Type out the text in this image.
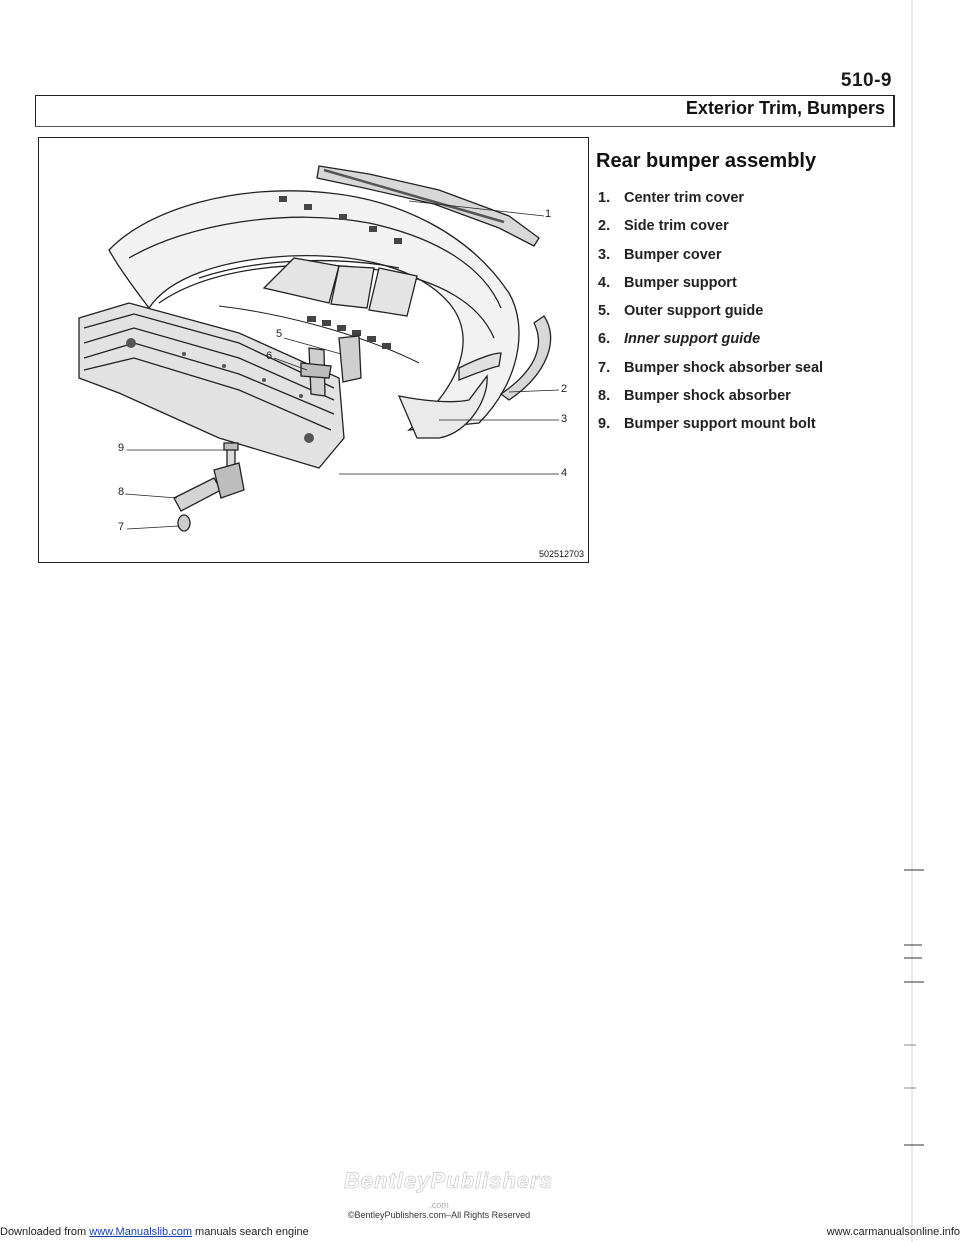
510-9
Exterior Trim, Bumpers
1
2
3
4
5
6
7
8
9
502512703
Rear bumper assembly
1. Center trim cover
2. Side trim cover
3. Bumper cover
4. Bumper support
5. Outer support guide
6. Inner support guide
7. Bumper shock absorber seal
8. Bumper shock absorber
9. Bumper support mount bolt
BentleyPublishers
.com
©BentleyPublishers.com–All Rights Reserved
Downloaded from www.Manualslib.com manuals search engine	www.carmanualsonline.info
